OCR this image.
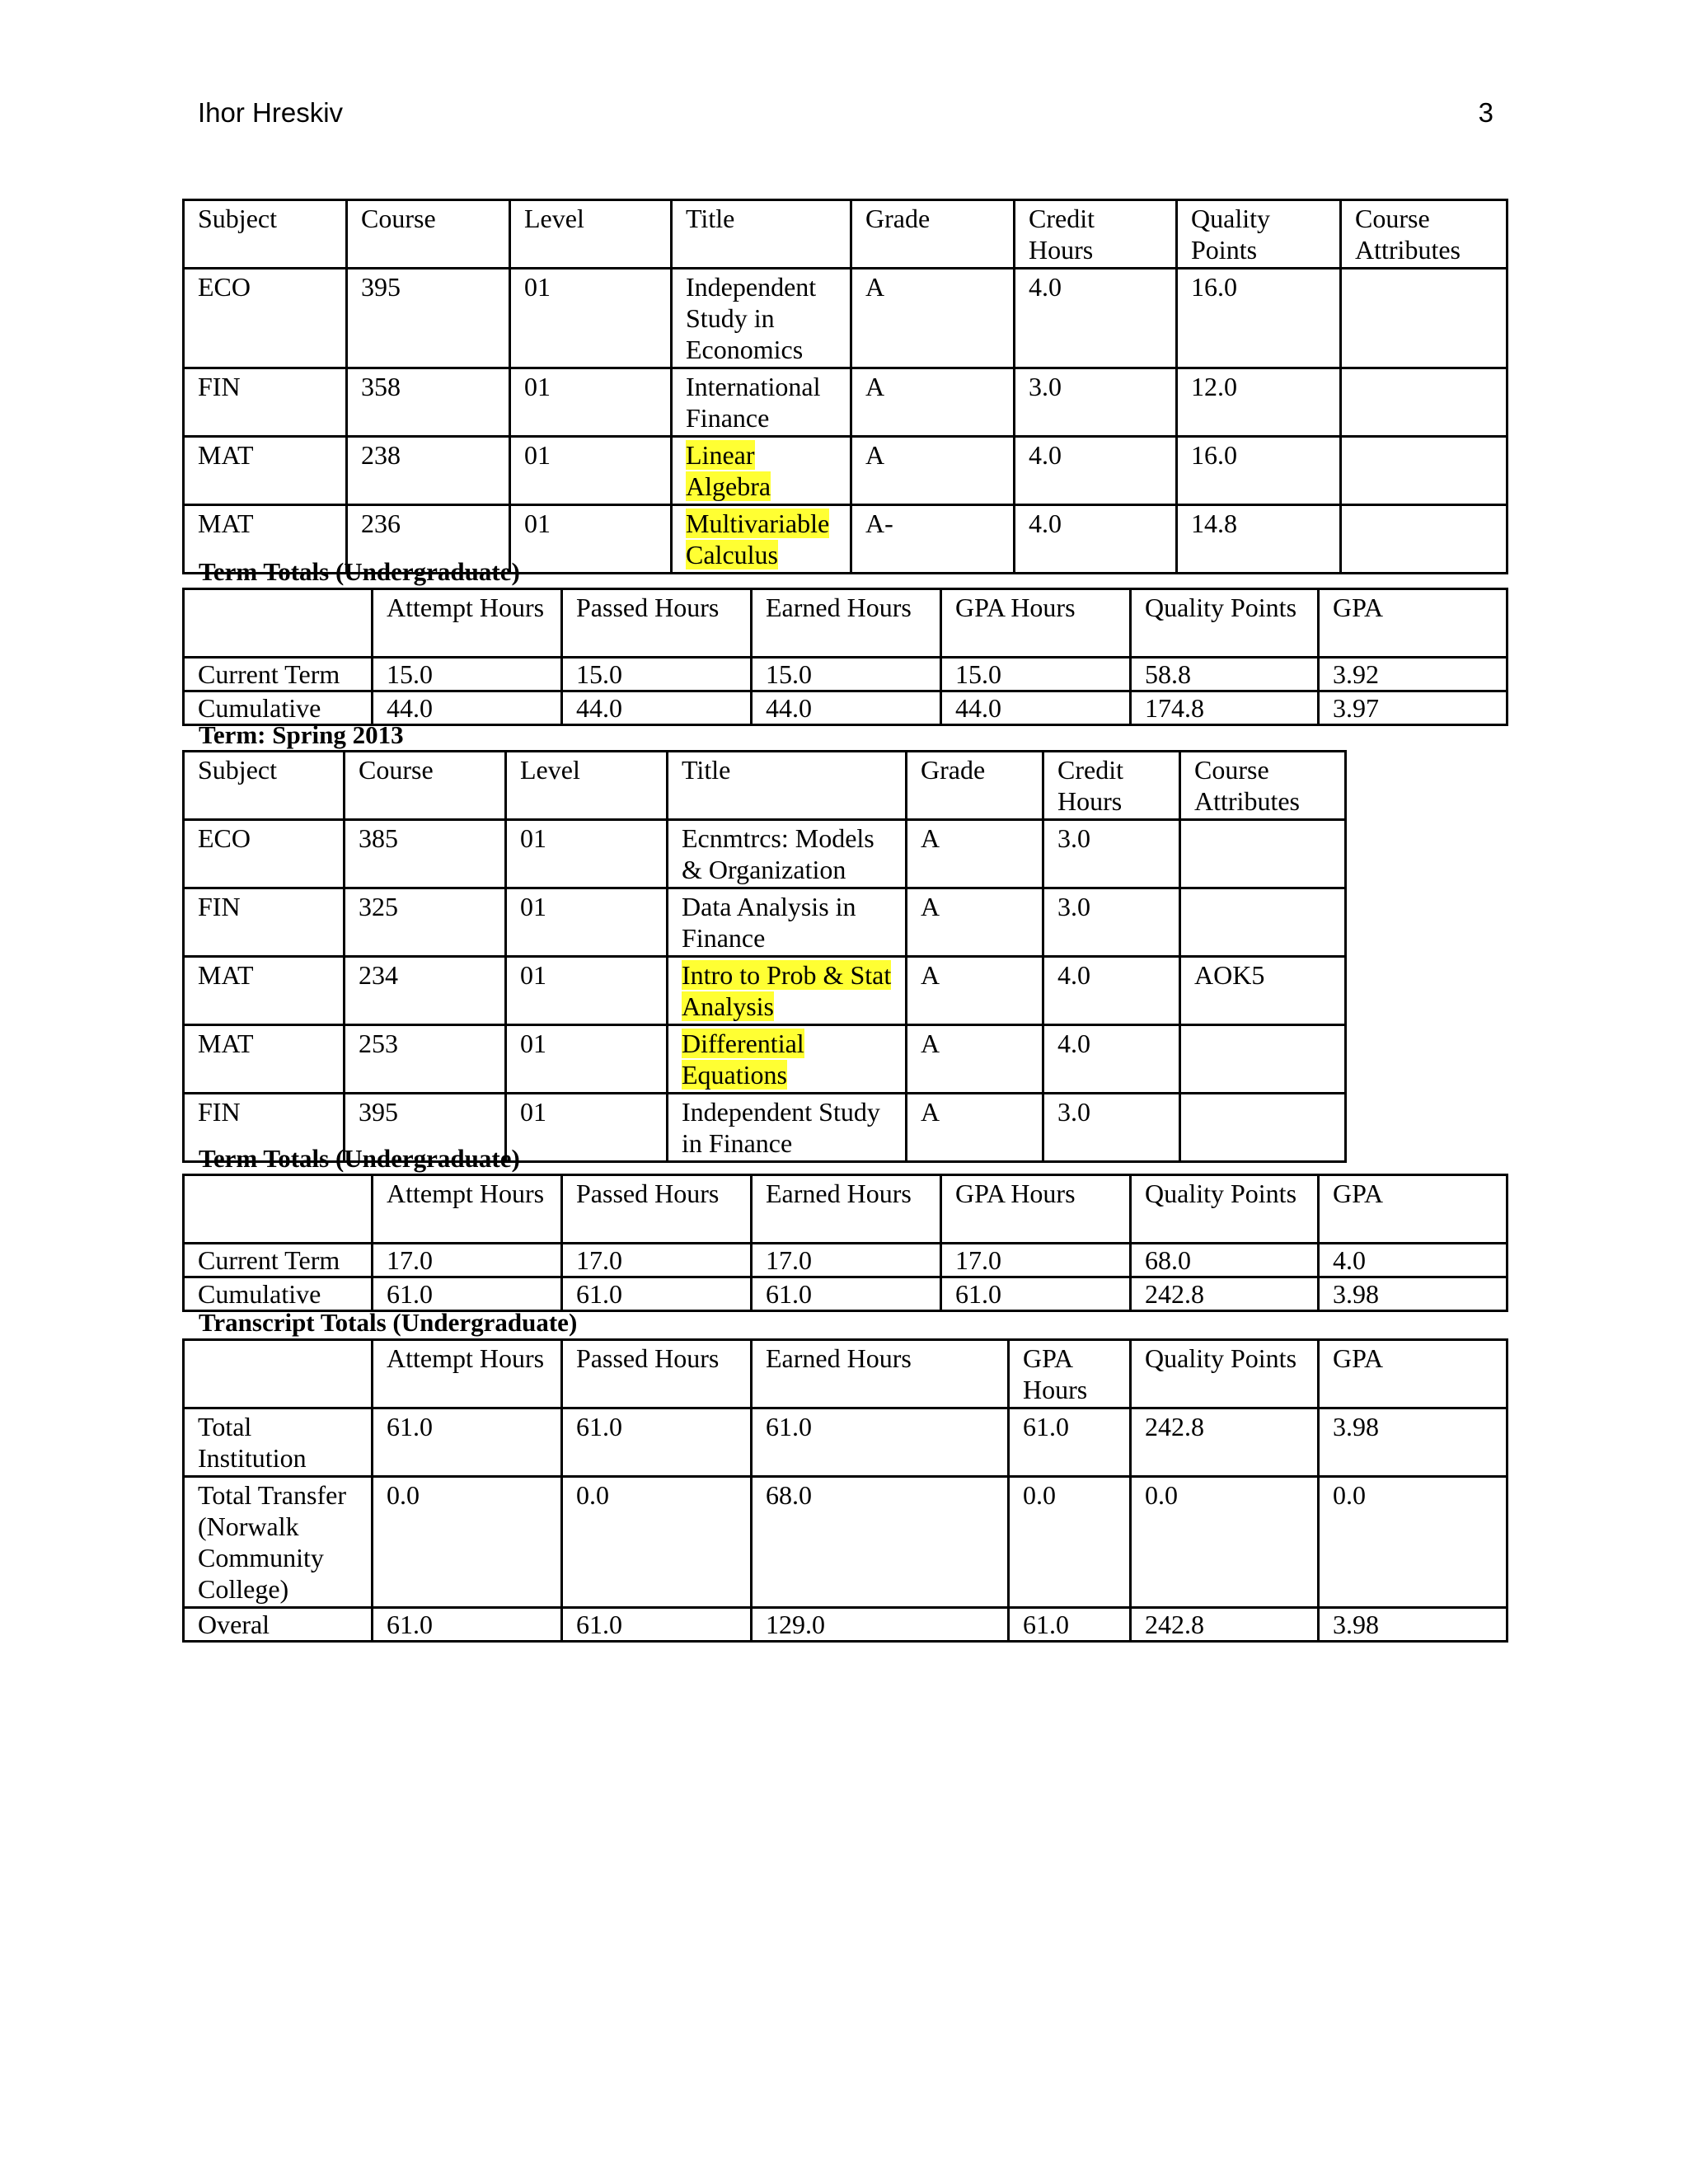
Ihor Hreskiv	3
Subject	Course	Level	Title	Grade	Credit Hours	Quality Points	Course Attributes
ECO	395	01	Independent Study in Economics	A	4.0	16.0	
FIN	358	01	International Finance	A	3.0	12.0	
MAT	238	01	Linear Algebra	A	4.0	16.0	
MAT	236	01	Multivariable Calculus	A-	4.0	14.8	
Term Totals (Undergraduate)
	Attempt Hours	Passed Hours	Earned Hours	GPA Hours	Quality Points	GPA
Current Term	15.0	15.0	15.0	15.0	58.8	3.92
Cumulative	44.0	44.0	44.0	44.0	174.8	3.97
Term: Spring 2013
Subject	Course	Level	Title	Grade	Credit Hours	Course Attributes
ECO	385	01	Ecnmtrcs: Models & Organization	A	3.0	
FIN	325	01	Data Analysis in Finance	A	3.0	
MAT	234	01	Intro to Prob & Stat Analysis	A	4.0	AOK5
MAT	253	01	Differential Equations	A	4.0	
FIN	395	01	Independent Study in Finance	A	3.0	
Term Totals (Undergraduate)
	Attempt Hours	Passed Hours	Earned Hours	GPA Hours	Quality Points	GPA
Current Term	17.0	17.0	17.0	17.0	68.0	4.0
Cumulative	61.0	61.0	61.0	61.0	242.8	3.98
Transcript Totals (Undergraduate)
	Attempt Hours	Passed Hours	Earned Hours	GPA Hours	Quality Points	GPA
Total Institution	61.0	61.0	61.0	61.0	242.8	3.98
Total Transfer (Norwalk Community College)	0.0	0.0	68.0	0.0	0.0	0.0
Overal	61.0	61.0	129.0	61.0	242.8	3.98
